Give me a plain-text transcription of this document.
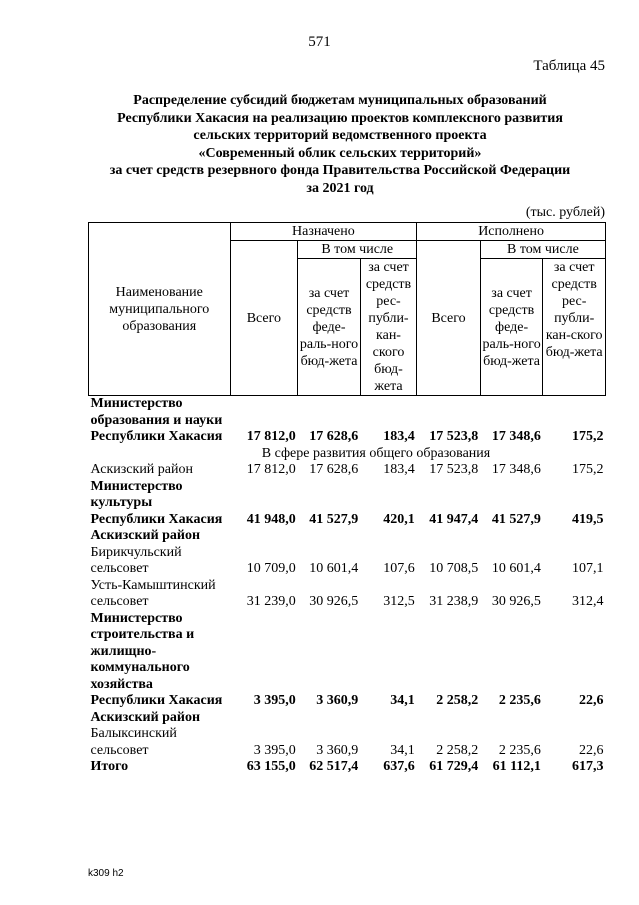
571
Таблица 45
Распределение субсидий бюджетам муниципальных образований
Республики Хакасия на реализацию проектов комплексного развития
сельских территорий ведомственного проекта
«Современный облик сельских территорий»
за счет средств резервного фонда Правительства Российской Федерации
за 2021 год
(тыс. рублей)
Наименование муниципального образования	Назначено			Исполнено		
	Всего	В том числе		Всего	В том числе	
		за счет средств феде-раль-ного бюд-жета	за счет средств рес-публи-кан-ского бюд-жета		за счет средств феде-раль-ного бюд-жета	за счет средств рес-публи-кан-ского бюд-жета
Министерство образования и науки Республики Хакасия	17 812,0	17 628,6	183,4	17 523,8	17 348,6	175,2
В сфере развития общего образования						
Аскизский район	17 812,0	17 628,6	183,4	17 523,8	17 348,6	175,2
Министерство культуры Республики Хакасия	41 948,0	41 527,9	420,1	41 947,4	41 527,9	419,5
Аскизский район						
Бирикчульский сельсовет	10 709,0	10 601,4	107,6	10 708,5	10 601,4	107,1
Усть-Камыштинский сельсовет	31 239,0	30 926,5	312,5	31 238,9	30 926,5	312,4
Министерство строительства и жилищно-коммунального хозяйства Республики Хакасия	3 395,0	3 360,9	34,1	2 258,2	2 235,6	22,6
Аскизский район						
Балыксинский сельсовет	3 395,0	3 360,9	34,1	2 258,2	2 235,6	22,6
Итого	63 155,0	62 517,4	637,6	61 729,4	61 112,1	617,3
k309 h2
